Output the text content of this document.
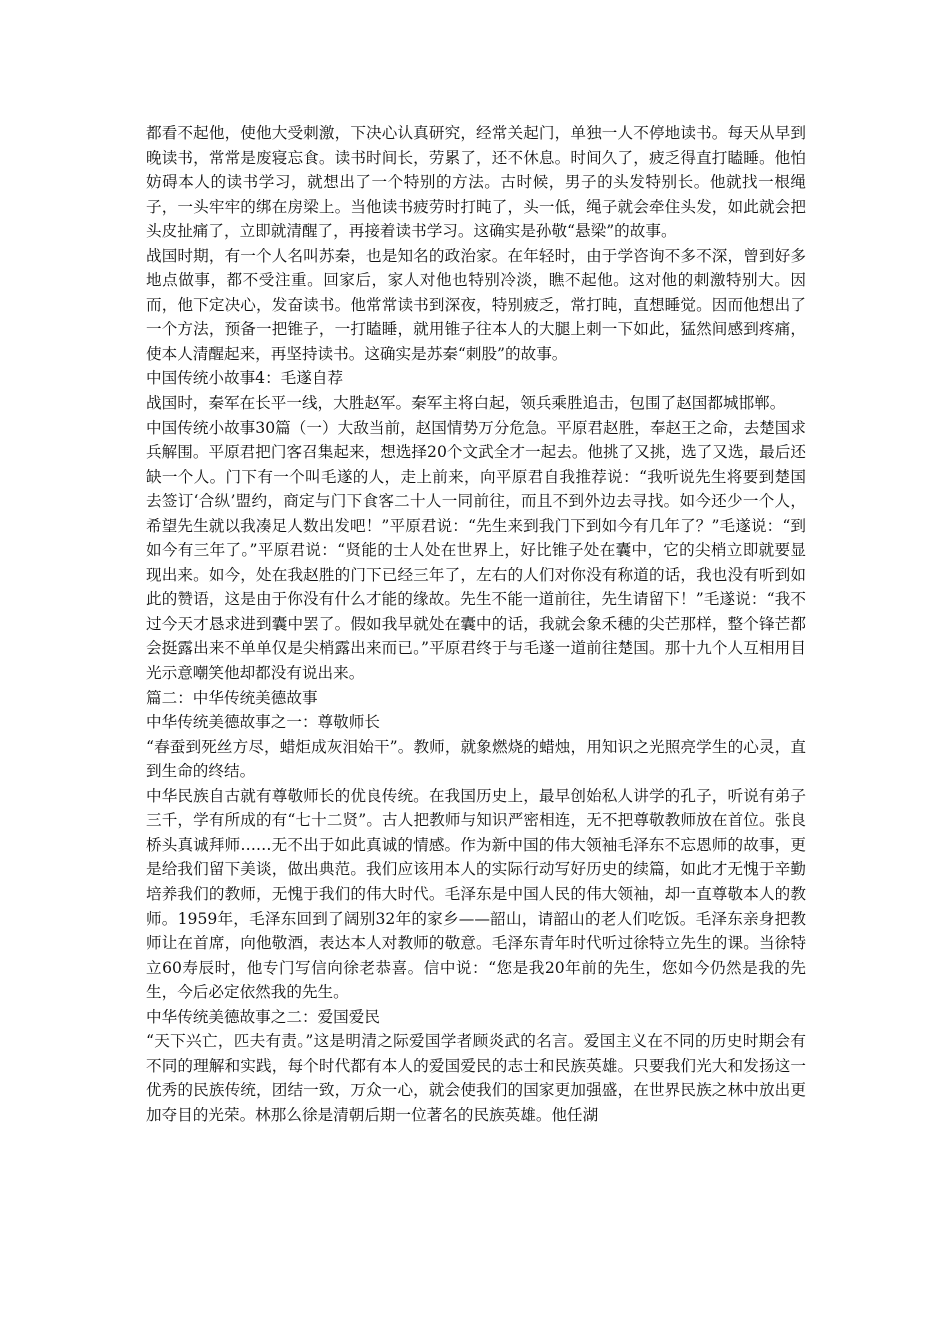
都看不起他，使他大受刺激，下决心认真研究，经常关起门，单独一人不停地读书。每天从早到晚读书，常常是废寝忘食。读书时间长，劳累了，还不休息。时间久了，疲乏得直打瞌睡。他怕妨碍本人的读书学习，就想出了一个特别的方法。古时候，男子的头发特别长。他就找一根绳子，一头牢牢的绑在房梁上。当他读书疲劳时打盹了，头一低，绳子就会牵住头发，如此就会把头皮扯痛了，立即就清醒了，再接着读书学习。这确实是孙敬“悬梁”的故事。

战国时期，有一个人名叫苏秦，也是知名的政治家。在年轻时，由于学咨询不多不深，曾到好多地点做事，都不受注重。回家后，家人对他也特别冷淡，瞧不起他。这对他的刺激特别大。因而，他下定决心，发奋读书。他常常读书到深夜，特别疲乏，常打盹，直想睡觉。因而他想出了一个方法，预备一把锥子，一打瞌睡，就用锥子往本人的大腿上刺一下如此，猛然间感到疼痛，使本人清醒起来，再坚持读书。这确实是苏秦“刺股”的故事。

中国传统小故事4：毛遂自荐

战国时，秦军在长平一线，大胜赵军。秦军主将白起，领兵乘胜追击，包围了赵国都城邯郸。

中国传统小故事30篇（一）大敌当前，赵国情势万分危急。平原君赵胜，奉赵王之命，去楚国求兵解围。平原君把门客召集起来，想选择20个文武全才一起去。他挑了又挑，选了又选，最后还缺一个人。门下有一个叫毛遂的人，走上前来，向平原君自我推荐说：“我听说先生将要到楚国去签订‘合纵’盟约，商定与门下食客二十人一同前往，而且不到外边去寻找。如今还少一个人，希望先生就以我凑足人数出发吧！”平原君说：“先生来到我门下到如今有几年了？”毛遂说：“到如今有三年了。”平原君说：“贤能的士人处在世界上，好比锥子处在囊中，它的尖梢立即就要显现出来。如今，处在我赵胜的门下已经三年了，左右的人们对你没有称道的话，我也没有听到如此的赞语，这是由于你没有什么才能的缘故。先生不能一道前往，先生请留下！”毛遂说：“我不过今天才恳求进到囊中罢了。假如我早就处在囊中的话，我就会象禾穗的尖芒那样，整个锋芒都会挺露出来不单单仅是尖梢露出来而已。”平原君终于与毛遂一道前往楚国。那十九个人互相用目光示意嘲笑他却都没有说出来。

篇二：中华传统美德故事

中华传统美德故事之一：尊敬师长

“春蚕到死丝方尽，蜡炬成灰泪始干”。教师，就象燃烧的蜡烛，用知识之光照亮学生的心灵，直到生命的终结。

中华民族自古就有尊敬师长的优良传统。在我国历史上，最早创始私人讲学的孔子，听说有弟子三千，学有所成的有“七十二贤”。古人把教师与知识严密相连，无不把尊敬教师放在首位。张良桥头真诚拜师……无不出于如此真诚的情感。作为新中国的伟大领袖毛泽东不忘恩师的故事，更是给我们留下美谈，做出典范。我们应该用本人的实际行动写好历史的续篇，如此才无愧于辛勤培养我们的教师，无愧于我们的伟大时代。毛泽东是中国人民的伟大领袖，却一直尊敬本人的教师。1959年，毛泽东回到了阔别32年的家乡——韶山，请韶山的老人们吃饭。毛泽东亲身把教师让在首席，向他敬酒，表达本人对教师的敬意。毛泽东青年时代听过徐特立先生的课。当徐特立60寿辰时，他专门写信向徐老恭喜。信中说：“您是我20年前的先生，您如今仍然是我的先生，今后必定依然我的先生。

中华传统美德故事之二：爱国爱民

“天下兴亡，匹夫有责。”这是明清之际爱国学者顾炎武的名言。爱国主义在不同的历史时期会有不同的理解和实践，每个时代都有本人的爱国爱民的志士和民族英雄。只要我们光大和发扬这一优秀的民族传统，团结一致，万众一心，就会使我们的国家更加强盛，在世界民族之林中放出更加夺目的光荣。林那么徐是清朝后期一位著名的民族英雄。他任湖
